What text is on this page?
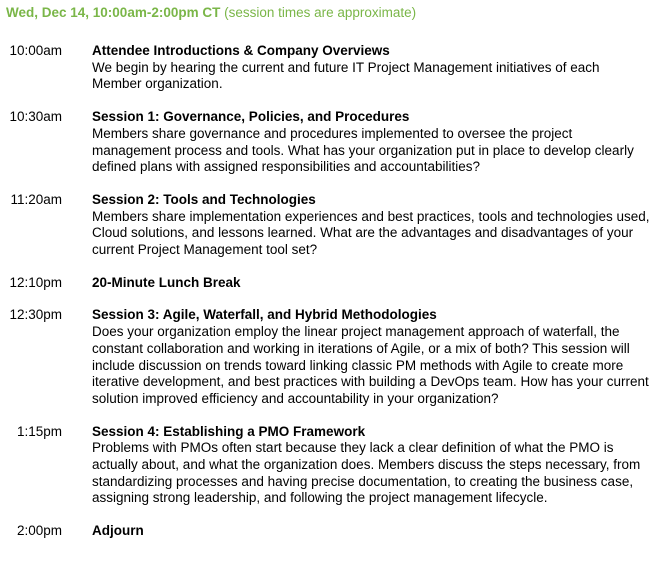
Wed, Dec 14, 10:00am-2:00pm CT (session times are approximate)
10:00am Attendee Introductions & Company Overviews
We begin by hearing the current and future IT Project Management initiatives of each Member organization.
10:30am Session 1: Governance, Policies, and Procedures
Members share governance and procedures implemented to oversee the project management process and tools. What has your organization put in place to develop clearly defined plans with assigned responsibilities and accountabilities?
11:20am Session 2: Tools and Technologies
Members share implementation experiences and best practices, tools and technologies used, Cloud solutions, and lessons learned. What are the advantages and disadvantages of your current Project Management tool set?
12:10pm 20-Minute Lunch Break
12:30pm Session 3: Agile, Waterfall, and Hybrid Methodologies
Does your organization employ the linear project management approach of waterfall, the constant collaboration and working in iterations of Agile, or a mix of both? This session will include discussion on trends toward linking classic PM methods with Agile to create more iterative development, and best practices with building a DevOps team. How has your current solution improved efficiency and accountability in your organization?
1:15pm Session 4: Establishing a PMO Framework
Problems with PMOs often start because they lack a clear definition of what the PMO is actually about, and what the organization does. Members discuss the steps necessary, from standardizing processes and having precise documentation, to creating the business case, assigning strong leadership, and following the project management lifecycle.
2:00pm Adjourn
